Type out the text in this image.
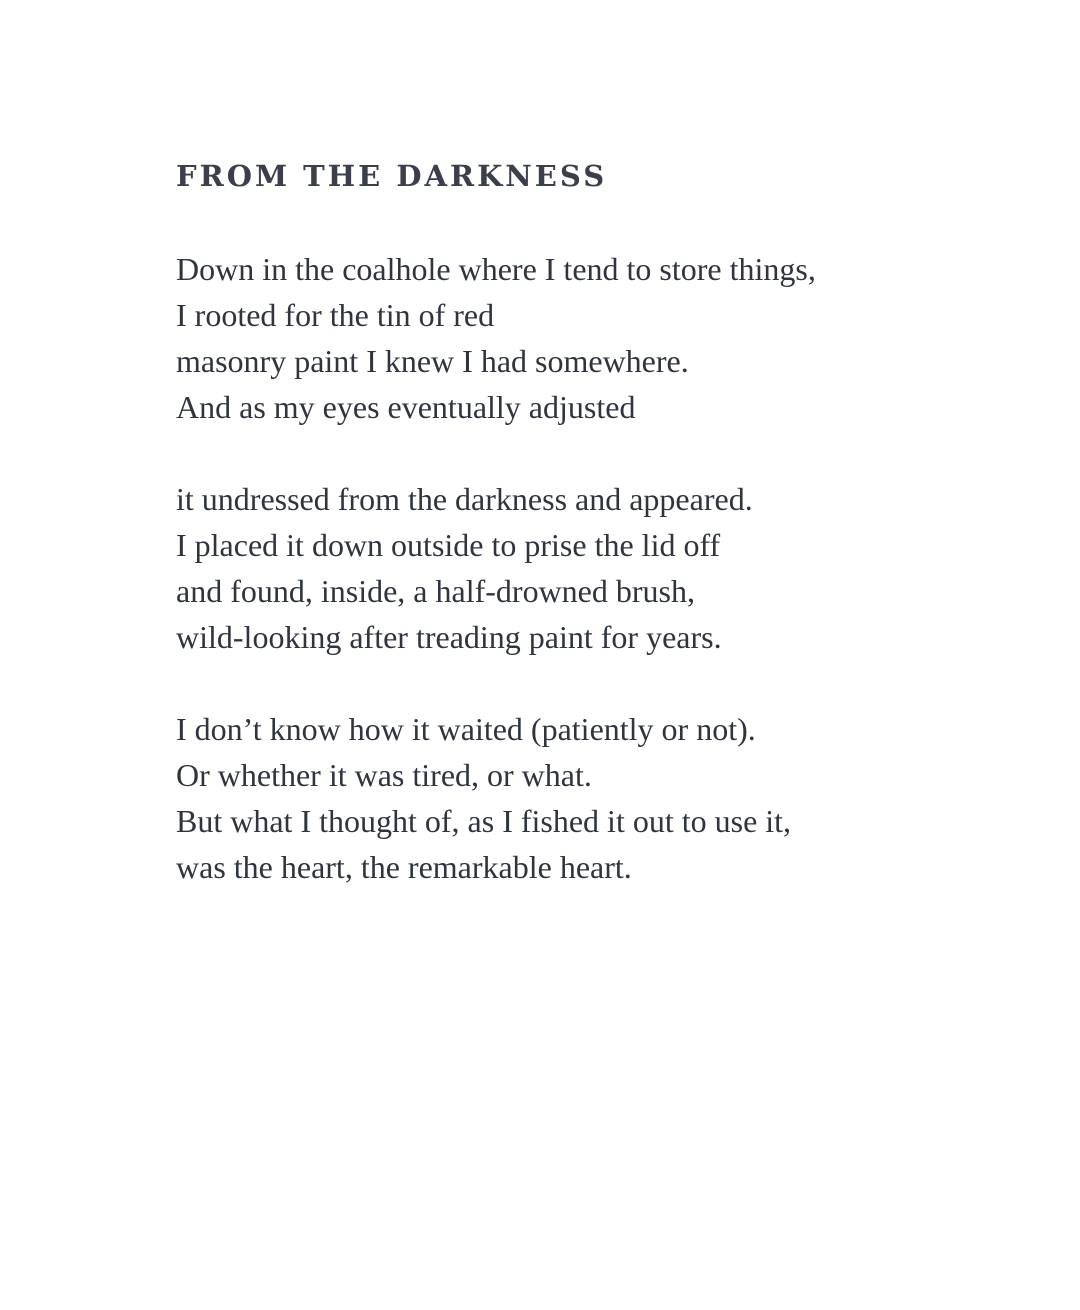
FROM THE DARKNESS

Down in the coalhole where I tend to store things,
I rooted for the tin of red
masonry paint I knew I had somewhere.
And as my eyes eventually adjusted

it undressed from the darkness and appeared.
I placed it down outside to prise the lid off
and found, inside, a half-drowned brush,
wild-looking after treading paint for years.

I don’t know how it waited (patiently or not).
Or whether it was tired, or what.
But what I thought of, as I fished it out to use it,
was the heart, the remarkable heart.
